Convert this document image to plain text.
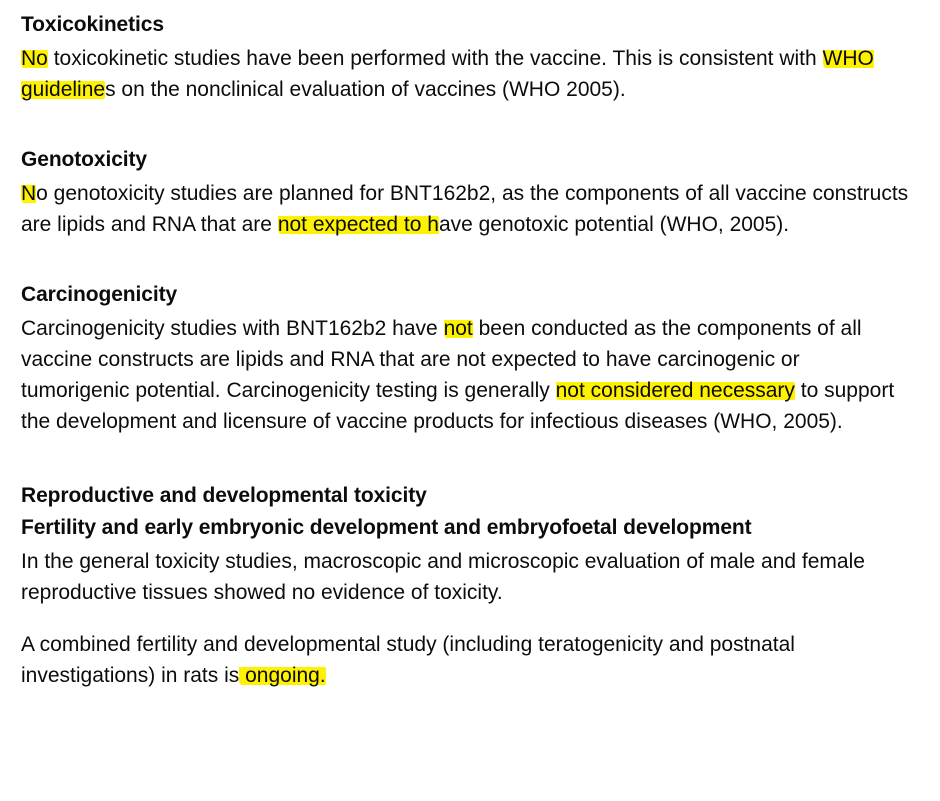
Toxicokinetics

No toxicokinetic studies have been performed with the vaccine. This is consistent with WHO guidelines on the nonclinical evaluation of vaccines (WHO 2005).

Genotoxicity

No genotoxicity studies are planned for BNT162b2, as the components of all vaccine constructs are lipids and RNA that are not expected to have genotoxic potential (WHO, 2005).

Carcinogenicity

Carcinogenicity studies with BNT162b2 have not been conducted as the components of all vaccine constructs are lipids and RNA that are not expected to have carcinogenic or tumorigenic potential. Carcinogenicity testing is generally not considered necessary to support the development and licensure of vaccine products for infectious diseases (WHO, 2005).

Reproductive and developmental toxicity
Fertility and early embryonic development and embryofoetal development

In the general toxicity studies, macroscopic and microscopic evaluation of male and female reproductive tissues showed no evidence of toxicity.

A combined fertility and developmental study (including teratogenicity and postnatal investigations) in rats is ongoing.
